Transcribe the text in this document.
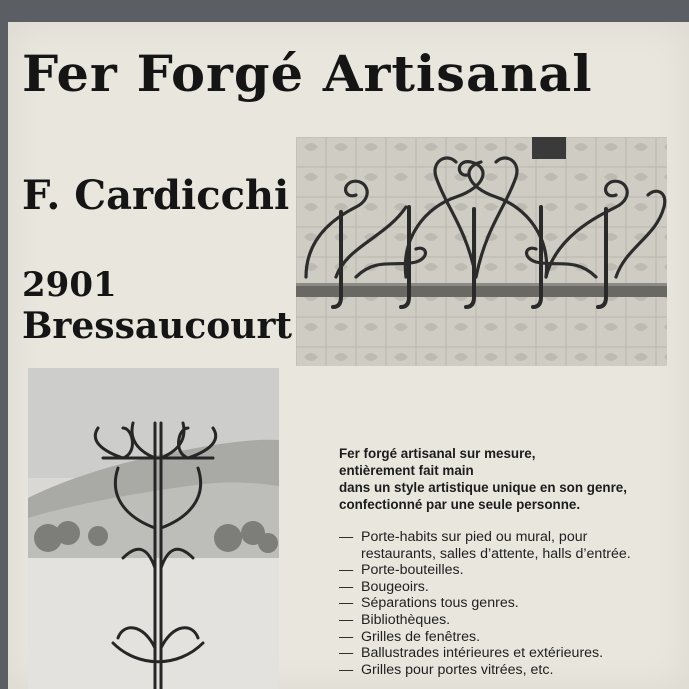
Fer Forgé Artisanal
F. Cardicchi
2901
Bressaucourt
Fer forgé artisanal sur mesure,
entièrement fait main
dans un style artistique unique en son genre,
confectionné par une seule personne.
— Porte-habits sur pied ou mural, pour
restaurants, salles d’attente, halls d’entrée.
— Porte-bouteilles.
— Bougeoirs.
— Séparations tous genres.
— Bibliothèques.
— Grilles de fenêtres.
— Ballustrades intérieures et extérieures.
— Grilles pour portes vitrées, etc.
